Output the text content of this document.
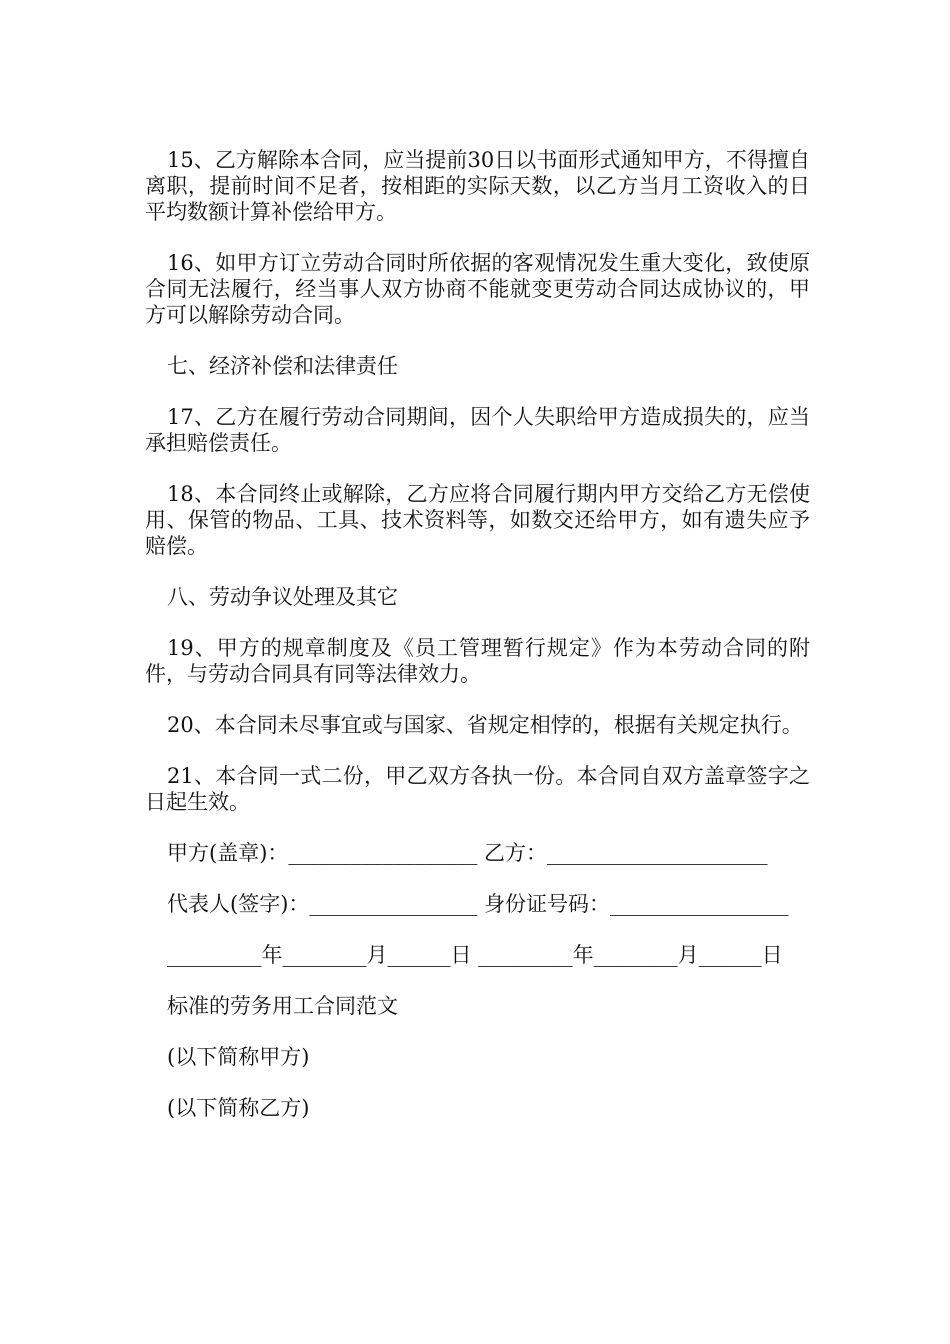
15、乙方解除本合同，应当提前30日以书面形式通知甲方，不得擅自离职，提前时间不足者，按相距的实际天数，以乙方当月工资收入的日平均数额计算补偿给甲方。

16、如甲方订立劳动合同时所依据的客观情况发生重大变化，致使原合同无法履行，经当事人双方协商不能就变更劳动合同达成协议的，甲方可以解除劳动合同。

七、经济补偿和法律责任

17、乙方在履行劳动合同期间，因个人失职给甲方造成损失的，应当承担赔偿责任。

18、本合同终止或解除，乙方应将合同履行期内甲方交给乙方无偿使用、保管的物品、工具、技术资料等，如数交还给甲方，如有遗失应予赔偿。

八、劳动争议处理及其它

19、甲方的规章制度及《员工管理暂行规定》作为本劳动合同的附件，与劳动合同具有同等法律效力。

20、本合同未尽事宜或与国家、省规定相悖的，根据有关规定执行。

21、本合同一式二份，甲乙双方各执一份。本合同自双方盖章签字之日起生效。

甲方(盖章)：__________________ 乙方：_____________________

代表人(签字)：________________ 身份证号码：_________________

_________年________月______日 _________年________月______日

标准的劳务用工合同范文

(以下简称甲方)

(以下简称乙方)
